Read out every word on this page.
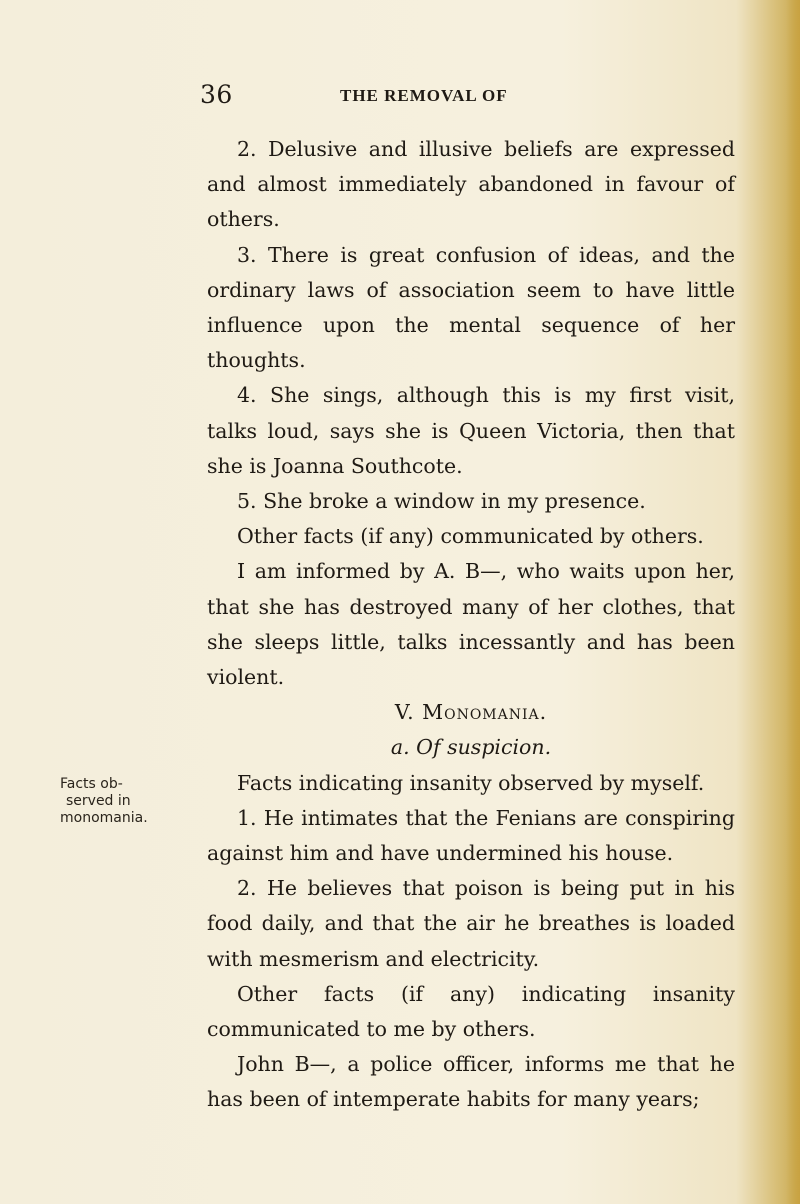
36	THE REMOVAL OF
Facts ob-
served in
monomania.

2. Delusive and illusive beliefs are expressed and almost immediately abandoned in favour of others.

3. There is great confusion of ideas, and the ordinary laws of association seem to have little influence upon the mental sequence of her thoughts.

4. She sings, although this is my first visit, talks loud, says she is Queen Victoria, then that she is Joanna Southcote.

5. She broke a window in my presence.

Other facts (if any) communicated by others.

I am informed by A. B—, who waits upon her, that she has destroyed many of her clothes, that she sleeps little, talks incessantly and has been violent.

V. Monomania.

a. Of suspicion.

Facts indicating insanity observed by myself.

1. He intimates that the Fenians are conspiring against him and have undermined his house.

2. He believes that poison is being put in his food daily, and that the air he breathes is loaded with mesmerism and electricity.

Other facts (if any) indicating insanity communicated to me by others.

John B—, a police officer, informs me that he has been of intemperate habits for many years;
